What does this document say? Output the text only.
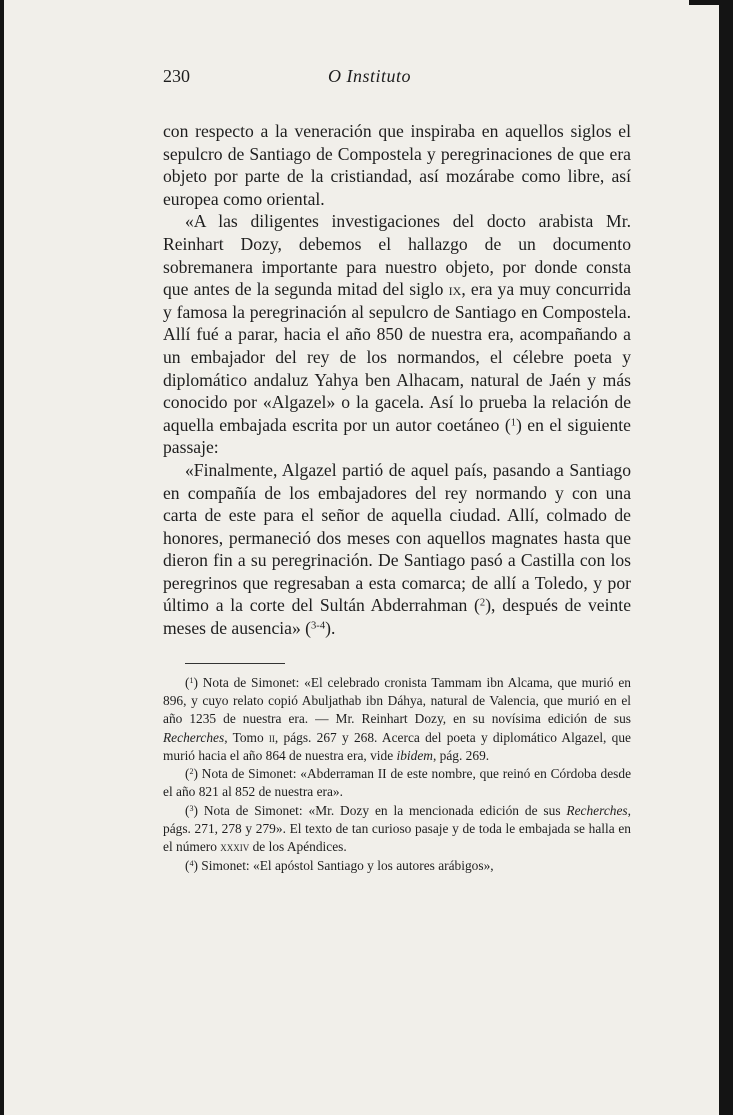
230	O Instituto

con respecto a la veneración que inspiraba en aquellos siglos el sepulcro de Santiago de Compostela y peregrinaciones de que era objeto por parte de la cristiandad, así mozárabe como libre, así europea como oriental.

«A las diligentes investigaciones del docto arabista Mr. Reinhart Dozy, debemos el hallazgo de un documento sobremanera importante para nuestro objeto, por donde consta que antes de la segunda mitad del siglo ix, era ya muy concurrida y famosa la peregrinación al sepulcro de Santiago en Compostela. Allí fué a parar, hacia el año 850 de nuestra era, acompañando a un embajador del rey de los normandos, el célebre poeta y diplomático andaluz Yahya ben Alhacam, natural de Jaén y más conocido por «Algazel» o la gacela. Así lo prueba la relación de aquella embajada escrita por un autor coetáneo ($^1$) en el siguiente passaje:

«Finalmente, Algazel partió de aquel país, pasando a Santiago en compañía de los embajadores del rey normando y con una carta de este para el señor de aquella ciudad. Allí, colmado de honores, permaneció dos meses con aquellos magnates hasta que dieron fin a su peregrinación. De Santiago pasó a Castilla con los peregrinos que regresaban a esta comarca; de allí a Toledo, y por último a la corte del Sultán Abderrahman ($^2$), después de veinte meses de ausencia» ($^{3-4}$).

($^1$) Nota de Simonet: «El celebrado cronista Tammam ibn Alcama, que murió en 896, y cuyo relato copió Abuljathab ibn Dáhya, natural de Valencia, que murió en el año 1235 de nuestra era. — Mr. Reinhart Dozy, en su novísima edición de sus Recherches, Tomo ii, págs. 267 y 268. Acerca del poeta y diplomático Algazel, que murió hacia el año 864 de nuestra era, vide ibidem, pág. 269.

($^2$) Nota de Simonet: «Abderraman II de este nombre, que reinó en Córdoba desde el año 821 al 852 de nuestra era».

($^3$) Nota de Simonet: «Mr. Dozy en la mencionada edición de sus Recherches, págs. 271, 278 y 279». El texto de tan curioso pasaje y de toda le embajada se halla en el número xxxiv de los Apéndices.

($^4$) Simonet: «El apóstol Santiago y los autores arábigos»,
